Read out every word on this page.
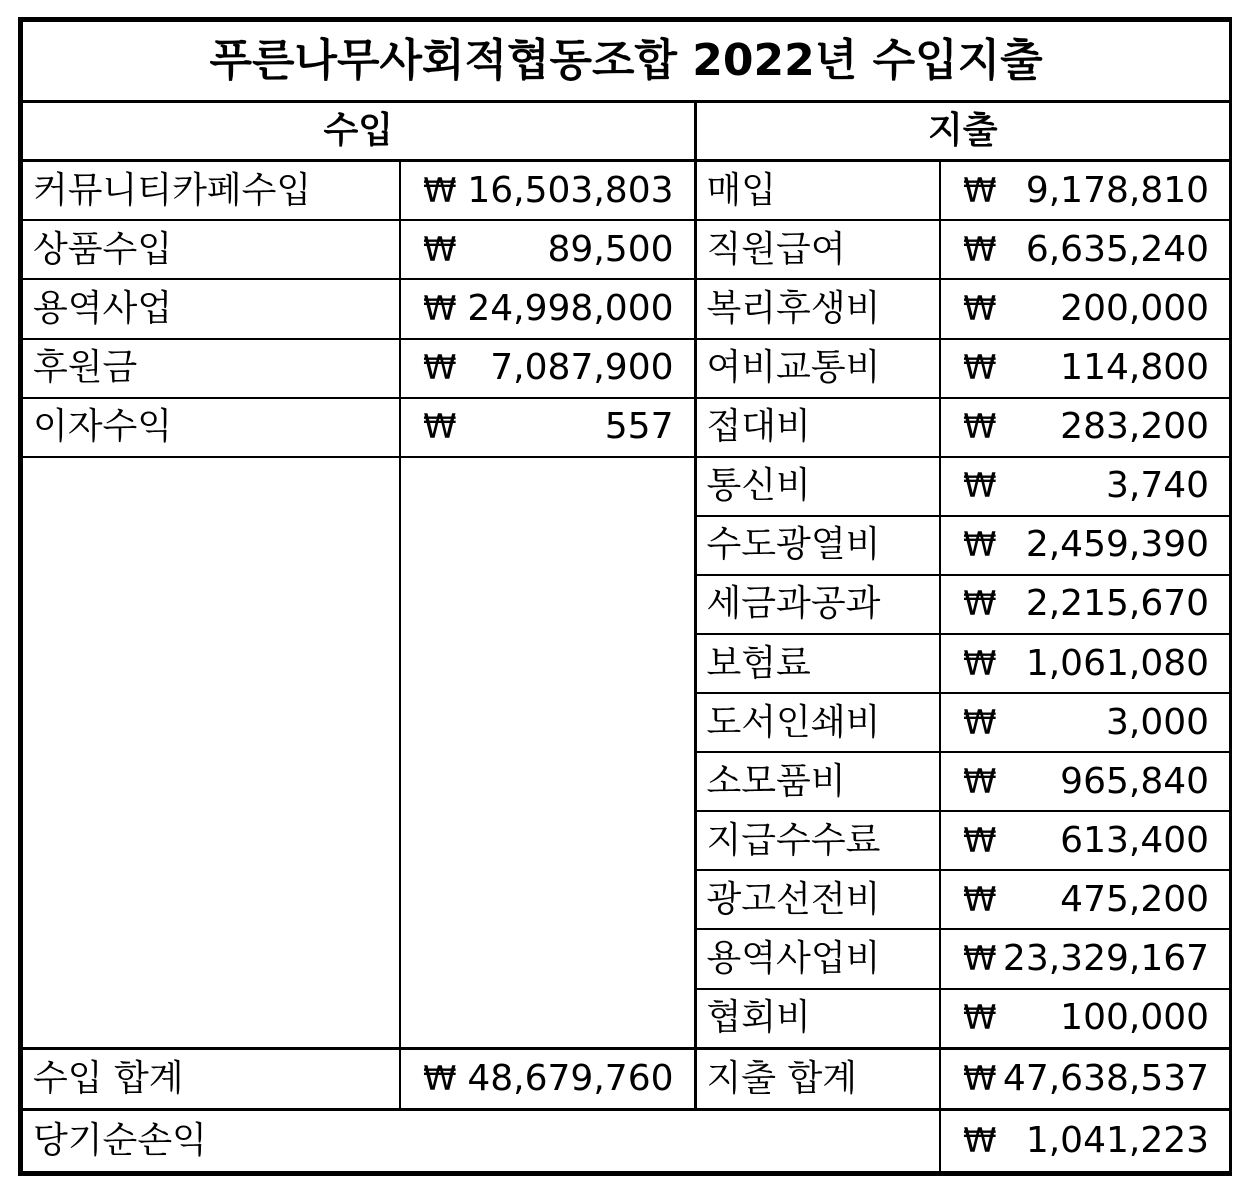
푸른나무사회적협동조합 2022년 수입지출			
수입		지출	
커뮤니티카페수입	₩ 16,503,803	매입	₩ 9,178,810

상품수입	₩ 89,500	직원급여	₩ 6,635,240

용역사업	₩ 24,998,000	복리후생비	₩ 200,000

후원금	₩ 7,087,900	여비교통비	₩ 114,800

이자수익	₩ 557	접대비	₩ 283,200

		통신비	₩ 3,740

		수도광열비	₩ 2,459,390

		세금과공과	₩ 2,215,670

		보험료	₩ 1,061,080

		도서인쇄비	₩ 3,000

		소모품비	₩ 965,840

		지급수수료	₩ 613,400

		광고선전비	₩ 475,200

		용역사업비	₩ 23,329,167

		협회비	₩ 100,000

수입 합계	₩ 48,679,760	지출 합계	₩ 47,638,537

당기순손익			₩ 1,041,223
